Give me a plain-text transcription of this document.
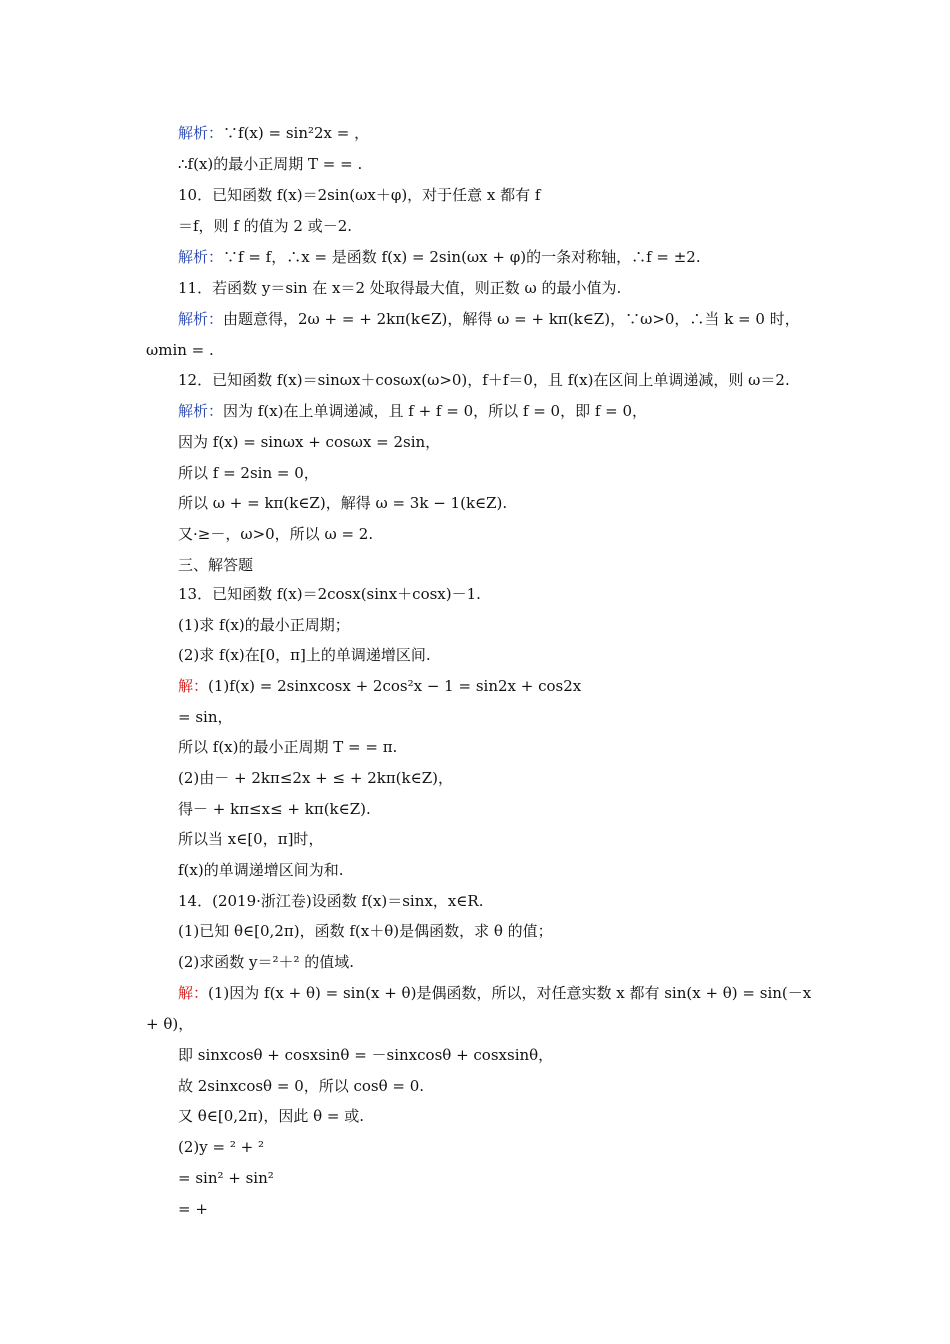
解析：∵f(x) = sin²2x = ，
∴f(x)的最小正周期 T = = .
10．已知函数 f(x)＝2sin(ωx＋φ)，对于任意 x 都有 f
＝f，则 f 的值为 2 或－2.
解析：∵f = f，∴x = 是函数 f(x) = 2sin(ωx + φ)的一条对称轴，∴f = ±2.
11．若函数 y＝sin 在 x＝2 处取得最大值，则正数 ω 的最小值为.
解析：由题意得，2ω + = + 2kπ(k∈Z)，解得 ω = + kπ(k∈Z)，∵ω>0，∴当 k = 0 时，
ωmin = .
12．已知函数 f(x)＝sinωx＋cosωx(ω>0)，f＋f＝0，且 f(x)在区间上单调递减，则 ω＝2.
解析：因为 f(x)在上单调递减，且 f + f = 0，所以 f = 0，即 f = 0，
因为 f(x) = sinωx + cosωx = 2sin，
所以 f = 2sin = 0，
所以 ω + = kπ(k∈Z)，解得 ω = 3k − 1(k∈Z).
又·≥－，ω>0，所以 ω = 2.
三、解答题
13．已知函数 f(x)＝2cosx(sinx＋cosx)－1.
(1)求 f(x)的最小正周期；
(2)求 f(x)在[0，π]上的单调递增区间.
解：(1)f(x) = 2sinxcosx + 2cos²x − 1 = sin2x + cos2x
= sin，
所以 f(x)的最小正周期 T = = π.
(2)由－ + 2kπ≤2x + ≤ + 2kπ(k∈Z)，
得－ + kπ≤x≤ + kπ(k∈Z).
所以当 x∈[0，π]时，
f(x)的单调递增区间为和.
14．(2019·浙江卷)设函数 f(x)＝sinx，x∈R.
(1)已知 θ∈[0,2π)，函数 f(x＋θ)是偶函数，求 θ 的值；
(2)求函数 y＝²＋² 的值域.
解：(1)因为 f(x + θ) = sin(x + θ)是偶函数，所以，对任意实数 x 都有 sin(x + θ) = sin(－x
+ θ)，
即 sinxcosθ + cosxsinθ = －sinxcosθ + cosxsinθ，
故 2sinxcosθ = 0，所以 cosθ = 0.
又 θ∈[0,2π)，因此 θ = 或.
(2)y = ² + ²
= sin² + sin²
= +
